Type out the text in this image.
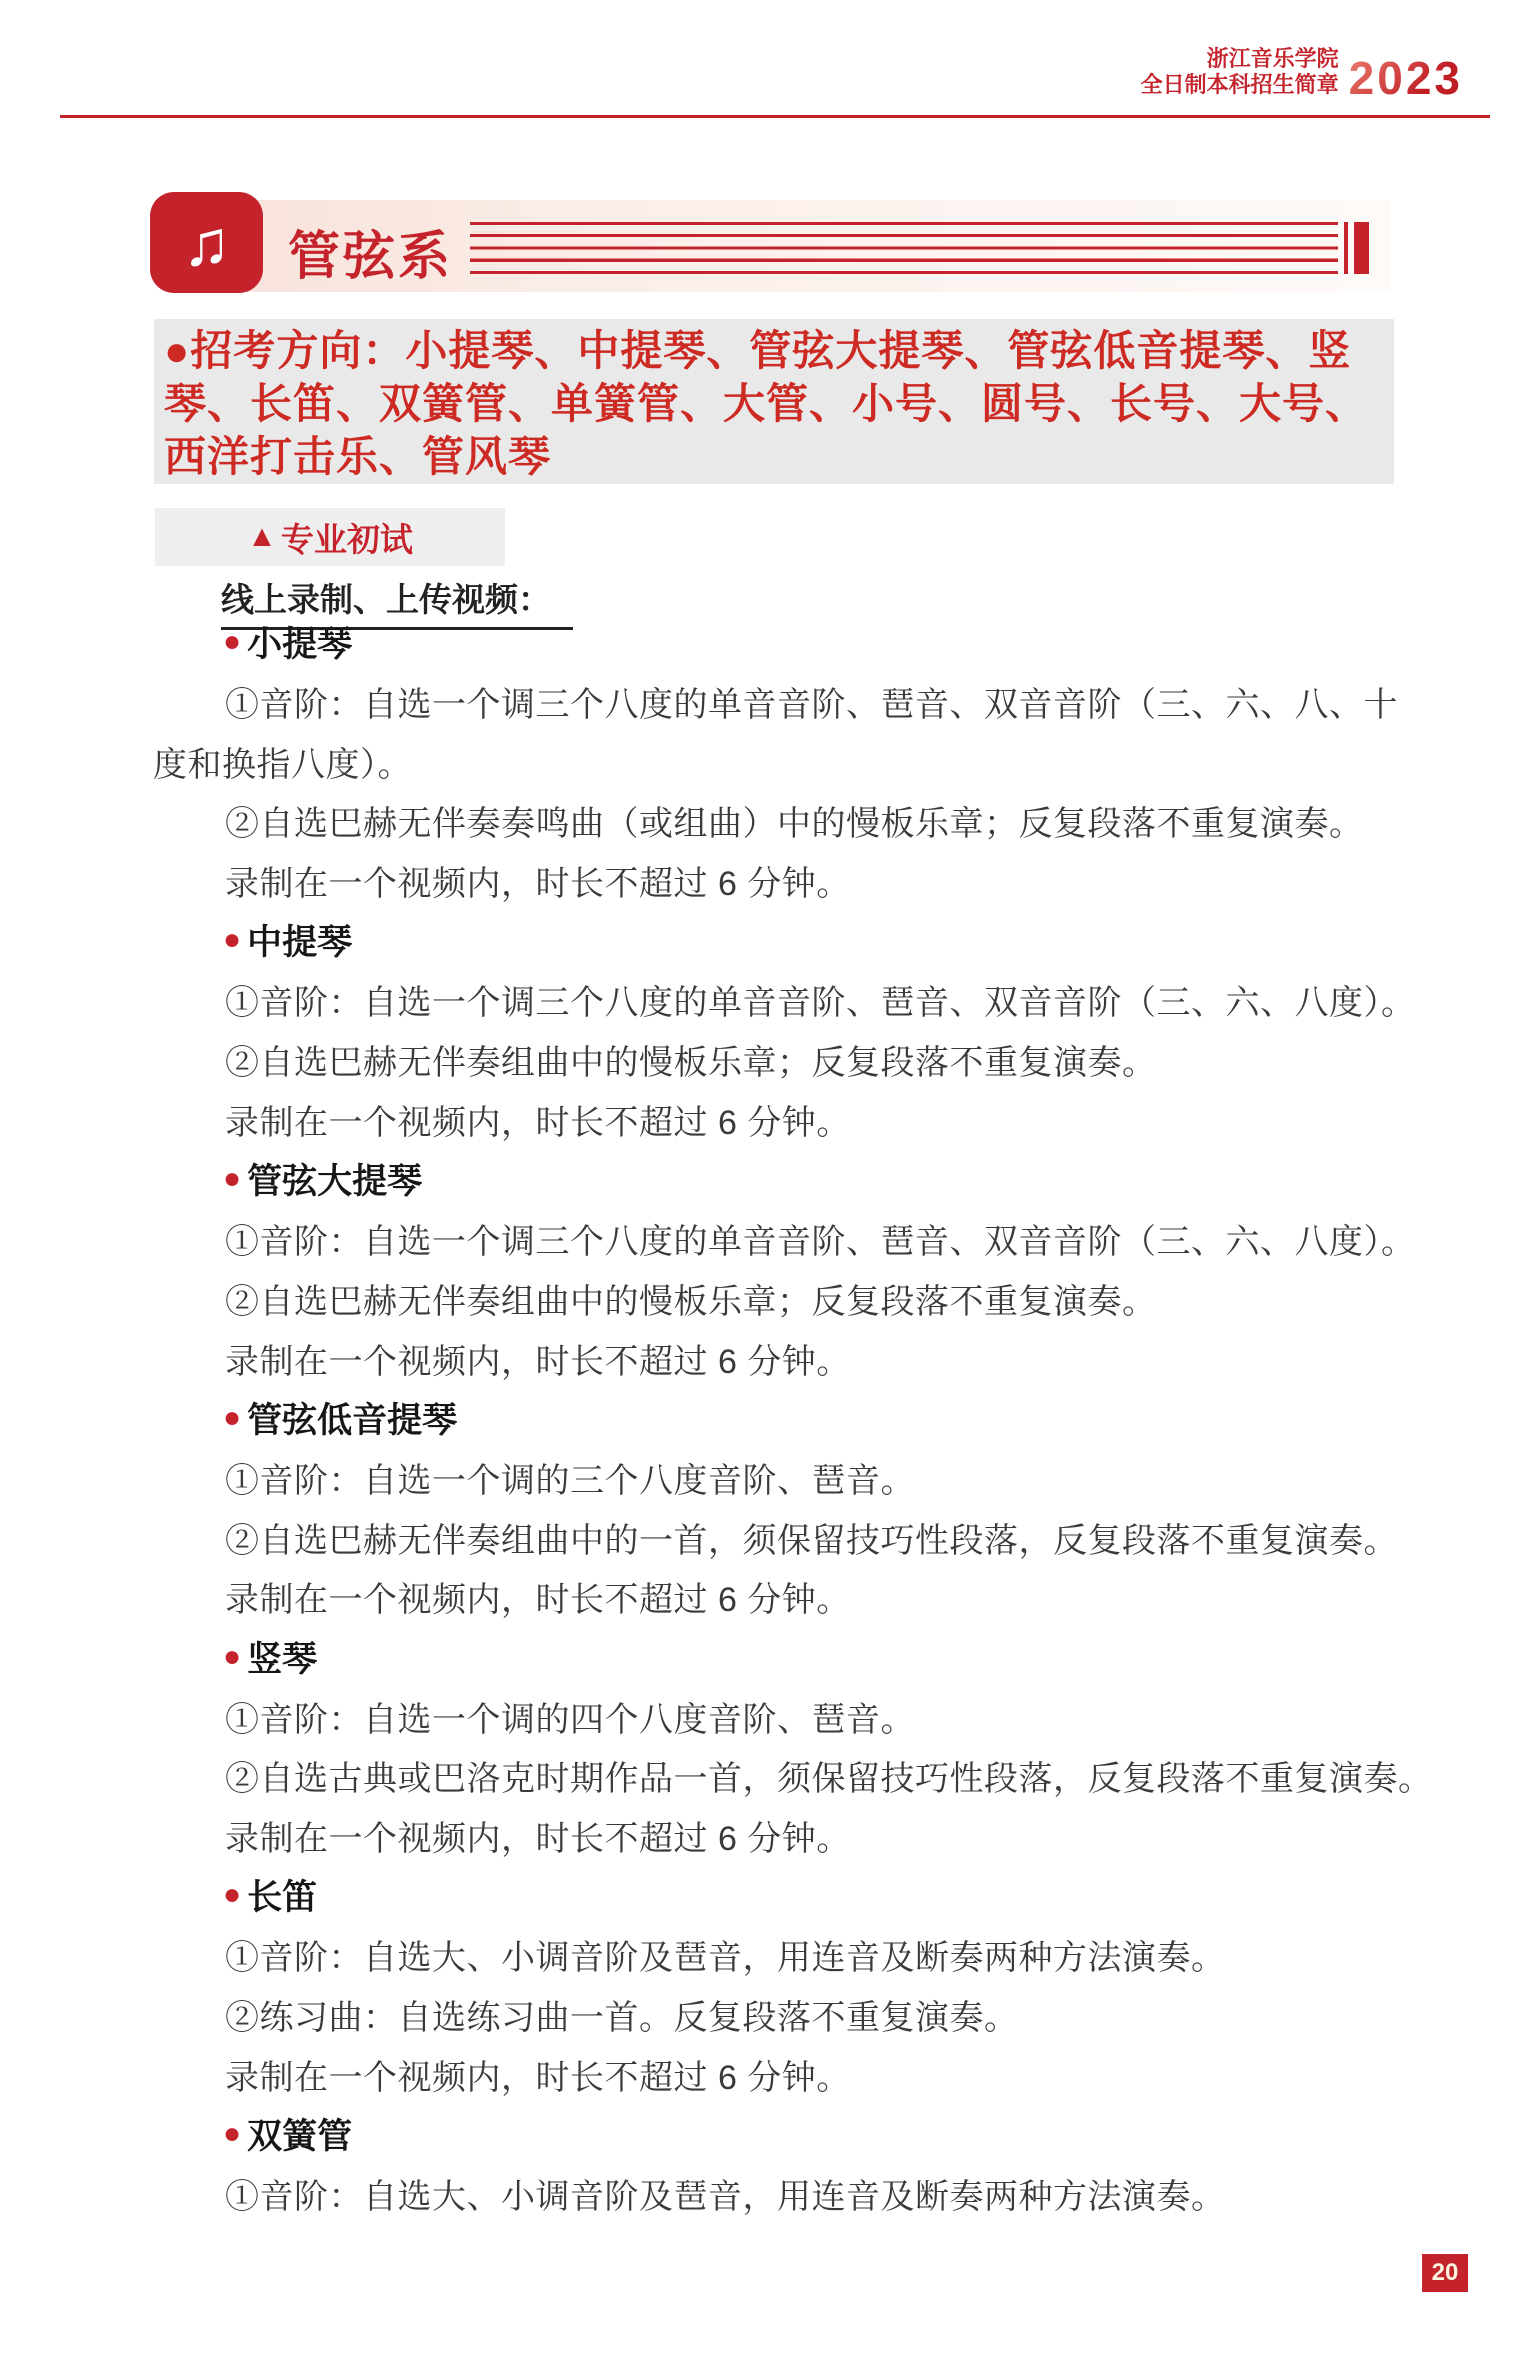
浙江音乐学院
全日制本科招生简章 2023
♫ 管弦系
●招考方向：小提琴、中提琴、管弦大提琴、管弦低音提琴、竖
琴、长笛、双簧管、单簧管、大管、小号、圆号、长号、大号、
西洋打击乐、管风琴
▲ 专业初试
线上录制、上传视频：
● 小提琴
①音阶：自选一个调三个八度的单音音阶、琶音、双音音阶（三、六、八、十
度和换指八度）。
②自选巴赫无伴奏奏鸣曲（或组曲）中的慢板乐章；反复段落不重复演奏。
录制在一个视频内，时长不超过 6 分钟。
● 中提琴
①音阶：自选一个调三个八度的单音音阶、琶音、双音音阶（三、六、八度）。
②自选巴赫无伴奏组曲中的慢板乐章；反复段落不重复演奏。
录制在一个视频内，时长不超过 6 分钟。
● 管弦大提琴
①音阶：自选一个调三个八度的单音音阶、琶音、双音音阶（三、六、八度）。
②自选巴赫无伴奏组曲中的慢板乐章；反复段落不重复演奏。
录制在一个视频内，时长不超过 6 分钟。
● 管弦低音提琴
①音阶：自选一个调的三个八度音阶、琶音。
②自选巴赫无伴奏组曲中的一首，须保留技巧性段落，反复段落不重复演奏。
录制在一个视频内，时长不超过 6 分钟。
● 竖琴
①音阶：自选一个调的四个八度音阶、琶音。
②自选古典或巴洛克时期作品一首，须保留技巧性段落，反复段落不重复演奏。
录制在一个视频内，时长不超过 6 分钟。
● 长笛
①音阶：自选大、小调音阶及琶音，用连音及断奏两种方法演奏。
②练习曲：自选练习曲一首。反复段落不重复演奏。
录制在一个视频内，时长不超过 6 分钟。
● 双簧管
①音阶：自选大、小调音阶及琶音，用连音及断奏两种方法演奏。
20
